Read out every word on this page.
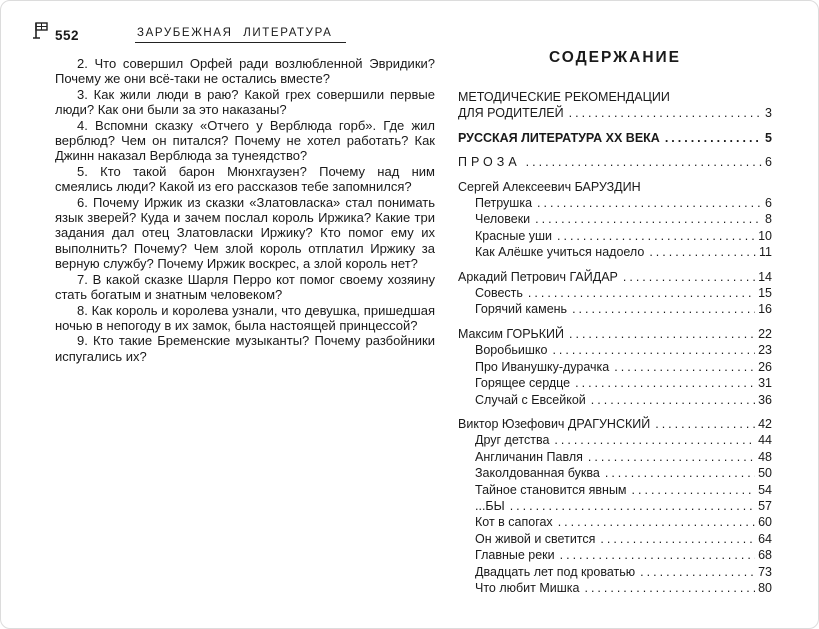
552	ЗАРУБЕЖНАЯ ЛИТЕРАТУРА

2. Что совершил Орфей ради возлюбленной Эвридики? Почему же они всё-таки не остались вместе?

3. Как жили люди в раю? Какой грех совершили первые люди? Как они были за это наказаны?

4. Вспомни сказку «Отчего у Верблюда горб». Где жил верблюд? Чем он питался? Почему не хотел работать? Как Джинн наказал Верблюда за тунеядство?

5. Кто такой барон Мюнхгаузен? Почему над ним смеялись люди? Какой из его рассказов тебе запомнился?

6. Почему Иржик из сказки «Златовласка» стал понимать язык зверей? Куда и зачем послал король Иржика? Какие три задания дал отец Златовласки Иржику? Кто помог ему их выполнить? Почему? Чем злой король отплатил Иржику за верную службу? Почему Иржик воскрес, а злой король нет?

7. В какой сказке Шарля Перро кот помог своему хозяину стать богатым и знатным человеком?

8. Как король и королева узнали, что девушка, пришедшая ночью в непогоду в их замок, была настоящей принцессой?

9. Кто такие Бременские музыканты? Почему разбойники испугались их?

СОДЕРЖАНИЕ
МЕТОДИЧЕСКИЕ РЕКОМЕНДАЦИИ
ДЛЯ РОДИТЕЛЕЙ .....	3
РУССКАЯ ЛИТЕРАТУРА XX ВЕКА .....	5
ПРОЗА .....	6
Сергей Алексеевич БАРУЗДИН
Петрушка .....	6
Человеки .....	8
Красные уши .....	10
Как Алёшке учиться надоело .....	11
Аркадий Петрович ГАЙДАР .....	14
Совесть .....	15
Горячий камень .....	16
Максим ГОРЬКИЙ .....	22
Воробьишко .....	23
Про Иванушку-дурачка .....	26
Горящее сердце .....	31
Случай с Евсейкой .....	36
Виктор Юзефович ДРАГУНСКИЙ .....	42
Друг детства .....	44
Англичанин Павля .....	48
Заколдованная буква .....	50
Тайное становится явным .....	54
...БЫ .....	57
Кот в сапогах .....	60
Он живой и светится .....	64
Главные реки .....	68
Двадцать лет под кроватью .....	73
Что любит Мишка .....	80
